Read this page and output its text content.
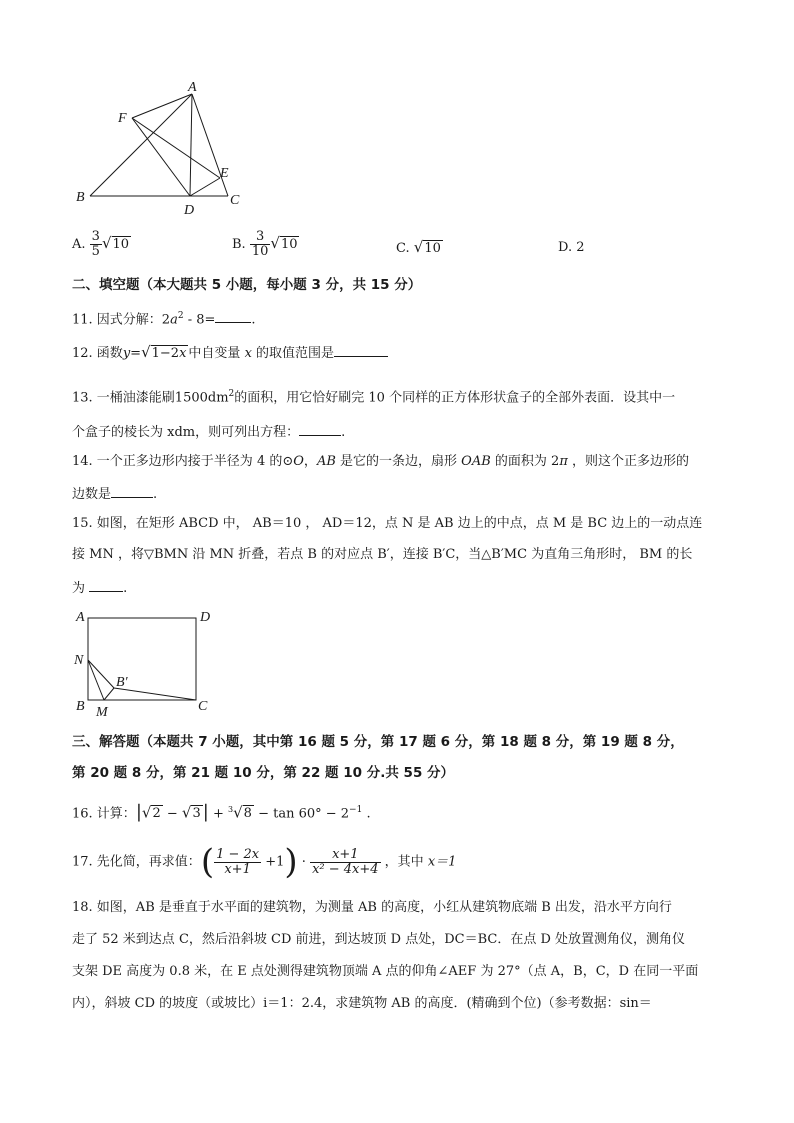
A
F
E
B
D
C
A. $\frac{3}{5} √10$	B. $\frac{3}{10} √10$	C. √10	D. 2
二、填空题（本大题共 5 小题，每小题 3 分，共 15 分）
11. 因式分解：$2a^2 - 8=$	.
12. 函数y=√1−2x 中自变量 x 的取值范围是
13. 一桶油漆能刷$1500dm^2$的面积，用它恰好刷完 10 个同样的正方体形状盒子的全部外表面．设其中一
个盒子的棱长为 xdm，则可列出方程：	.
14. 一个正多边形内接于半径为 4 的⊙O，AB 是它的一条边，扇形 OAB 的面积为 2π ，则这个正多边形的
边数是	.
15. 如图，在矩形 ABCD 中， AB＝10 ， AD＝12，点 N 是 AB 边上的中点，点 M 是 BC 边上的一动点连
接 MN ，将▽BMN 沿 MN 折叠，若点 B 的对应点 B′，连接 B′C，当△B′MC 为直角三角形时， BM 的长
为	.
A	D
N
B′
B M	C
三、解答题（本题共 7 小题，其中第 16 题 5 分，第 17 题 6 分，第 18 题 8 分，第 19 题 8 分，
第 20 题 8 分，第 21 题 10 分，第 22 题 10 分.共 55 分）
16. 计算：|√2 − √3 | + $^3√8 - \tan 60^\circ - 2^{-1}$ .
17. 先化简，再求值：( $\frac{1 - 2x}{x+1} +1) \cdot \frac{x+1}{\text{x² − 4x+4}}$ ，其中 x＝1
18. 如图，AB 是垂直于水平面的建筑物，为测量 AB 的高度，小红从建筑物底端 B 出发，沿水平方向行
走了 52 米到达点 C，然后沿斜坡 CD 前进，到达坡顶 D 点处，DC＝BC．在点 D 处放置测角仪，测角仪
支架 DE 高度为 0.8 米，在 E 点处测得建筑物顶端 A 点的仰角∠AEF 为 27°（点 A，B，C，D 在同一平面
内），斜坡 CD 的坡度（或坡比）i＝1：2.4，求建筑物 AB 的高度．(精确到个位)（参考数据：sin＝
